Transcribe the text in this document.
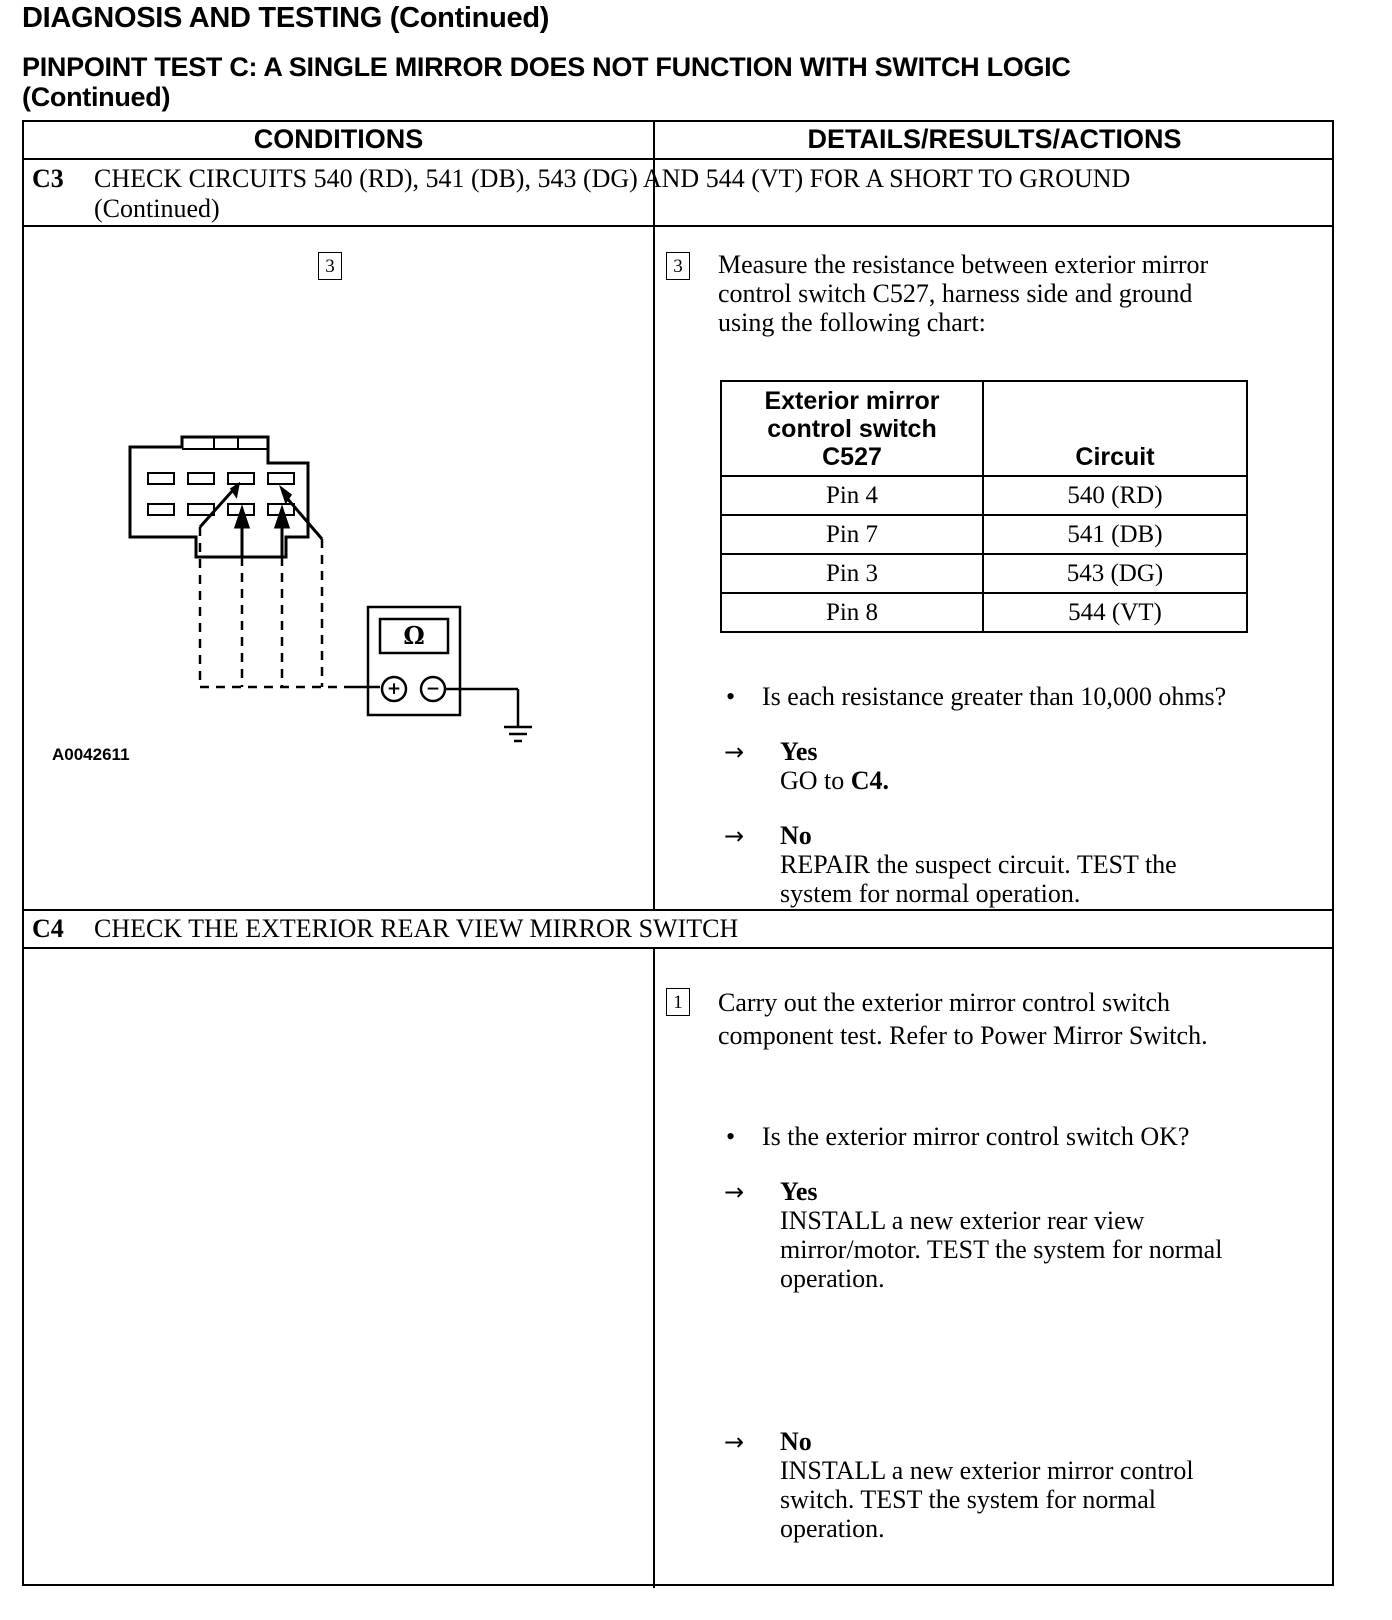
DIAGNOSIS AND TESTING (Continued)
PINPOINT TEST C: A SINGLE MIRROR DOES NOT FUNCTION WITH SWITCH LOGIC
(Continued)
CONDITIONS	DETAILS/RESULTS/ACTIONS
C3 CHECK CIRCUITS 540 (RD), 541 (DB), 543 (DG) AND 544 (VT) FOR A SHORT TO GROUND
(Continued)
3
Ω
+ −
A0042611
3 Measure the resistance between exterior mirror
control switch C527, harness side and ground
using the following chart:
Exterior mirror
control switch
C527	Circuit
Pin 4	540 (RD)
Pin 7	541 (DB)
Pin 3	543 (DG)
Pin 8	544 (VT)
• Is each resistance greater than 10,000 ohms?
→ Yes
GO to C4.
→ No
REPAIR the suspect circuit. TEST the
system for normal operation.
C4 CHECK THE EXTERIOR REAR VIEW MIRROR SWITCH
1 Carry out the exterior mirror control switch
component test. Refer to Power Mirror Switch.
• Is the exterior mirror control switch OK?
→ Yes
INSTALL a new exterior rear view
mirror/motor. TEST the system for normal
operation.
→ No
INSTALL a new exterior mirror control
switch. TEST the system for normal
operation.
